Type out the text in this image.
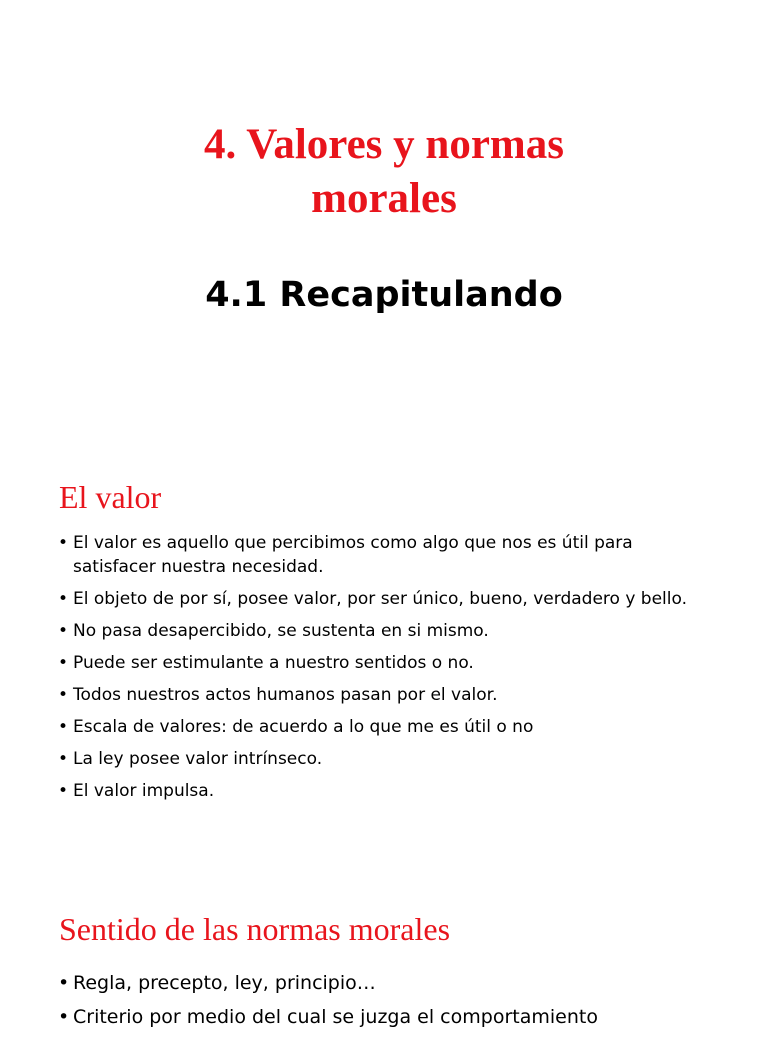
4. Valores y normas
morales
4.1 Recapitulando
El valor
• El valor es aquello que percibimos como algo que nos es útil para satisfacer nuestra necesidad.
• El objeto de por sí, posee valor, por ser único, bueno, verdadero y bello.
• No pasa desapercibido, se sustenta en si mismo.
• Puede ser estimulante a nuestro sentidos o no.
• Todos nuestros actos humanos pasan por el valor.
• Escala de valores: de acuerdo a lo que me es útil o no
• La ley posee valor intrínseco.
• El valor impulsa.
Sentido de las normas morales
• Regla, precepto, ley, principio…
• Criterio por medio del cual se juzga el comportamiento
